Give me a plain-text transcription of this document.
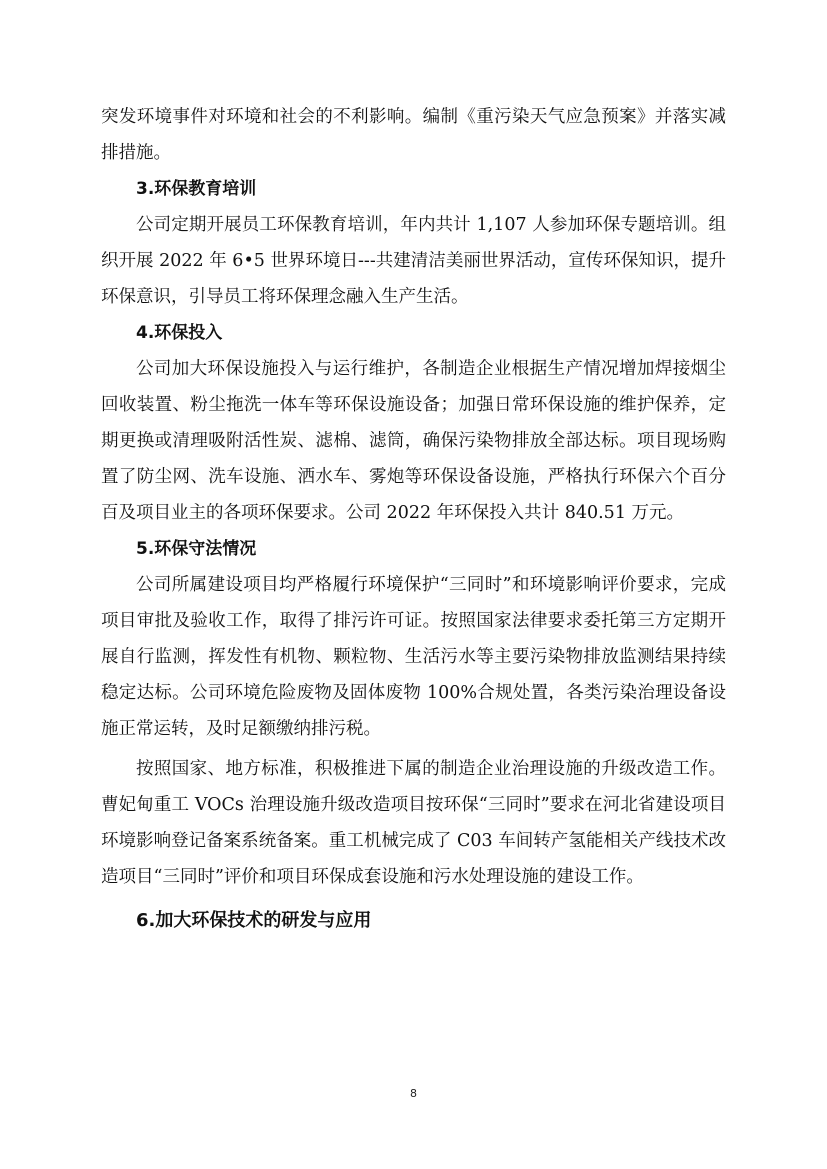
突发环境事件对环境和社会的不利影响。编制《重污染天气应急预案》并落实减排措施。

3.环保教育培训

公司定期开展员工环保教育培训，年内共计 1,107 人参加环保专题培训。组织开展 2022 年 6•5 世界环境日---共建清洁美丽世界活动，宣传环保知识，提升环保意识，引导员工将环保理念融入生产生活。

4.环保投入

公司加大环保设施投入与运行维护，各制造企业根据生产情况增加焊接烟尘回收装置、粉尘拖洗一体车等环保设施设备；加强日常环保设施的维护保养，定期更换或清理吸附活性炭、滤棉、滤筒，确保污染物排放全部达标。项目现场购置了防尘网、洗车设施、洒水车、雾炮等环保设备设施，严格执行环保六个百分百及项目业主的各项环保要求。公司 2022 年环保投入共计 840.51 万元。

5.环保守法情况

公司所属建设项目均严格履行环境保护“三同时”和环境影响评价要求，完成项目审批及验收工作，取得了排污许可证。按照国家法律要求委托第三方定期开展自行监测，挥发性有机物、颗粒物、生活污水等主要污染物排放监测结果持续稳定达标。公司环境危险废物及固体废物 100%合规处置，各类污染治理设备设施正常运转，及时足额缴纳排污税。

按照国家、地方标准，积极推进下属的制造企业治理设施的升级改造工作。曹妃甸重工 VOCs 治理设施升级改造项目按环保“三同时”要求在河北省建设项目环境影响登记备案系统备案。重工机械完成了 C03 车间转产氢能相关产线技术改造项目“三同时”评价和项目环保成套设施和污水处理设施的建设工作。

6.加大环保技术的研发与应用

8
